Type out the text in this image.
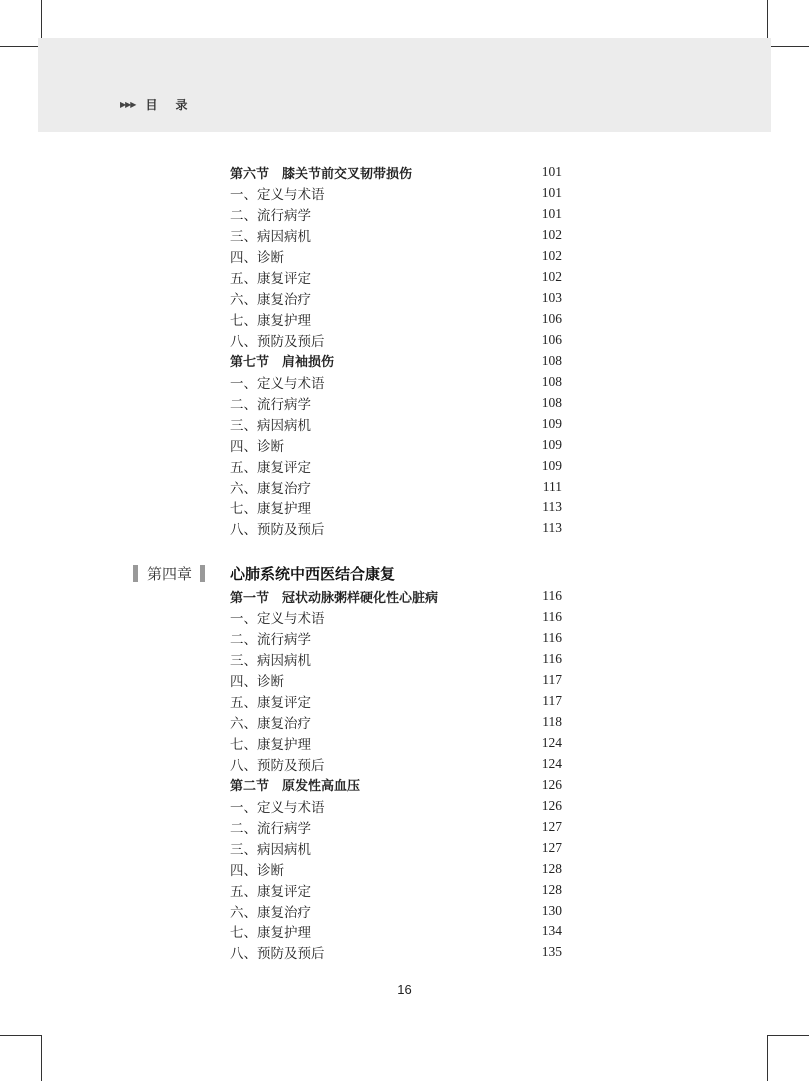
▶▶▶ 目录
第六节　膝关节前交叉韧带损伤	101
一、定义与术语	101
二、流行病学	101
三、病因病机	102
四、诊断	102
五、康复评定	102
六、康复治疗	103
七、康复护理	106
八、预防及预后	106
第七节　肩袖损伤	108
一、定义与术语	108
二、流行病学	108
三、病因病机	109
四、诊断	109
五、康复评定	109
六、康复治疗	111
七、康复护理	113
八、预防及预后	113
第四章	心肺系统中西医结合康复
第一节　冠状动脉粥样硬化性心脏病	116
一、定义与术语	116
二、流行病学	116
三、病因病机	116
四、诊断	117
五、康复评定	117
六、康复治疗	118
七、康复护理	124
八、预防及预后	124
第二节　原发性高血压	126
一、定义与术语	126
二、流行病学	127
三、病因病机	127
四、诊断	128
五、康复评定	128
六、康复治疗	130
七、康复护理	134
八、预防及预后	135
16
